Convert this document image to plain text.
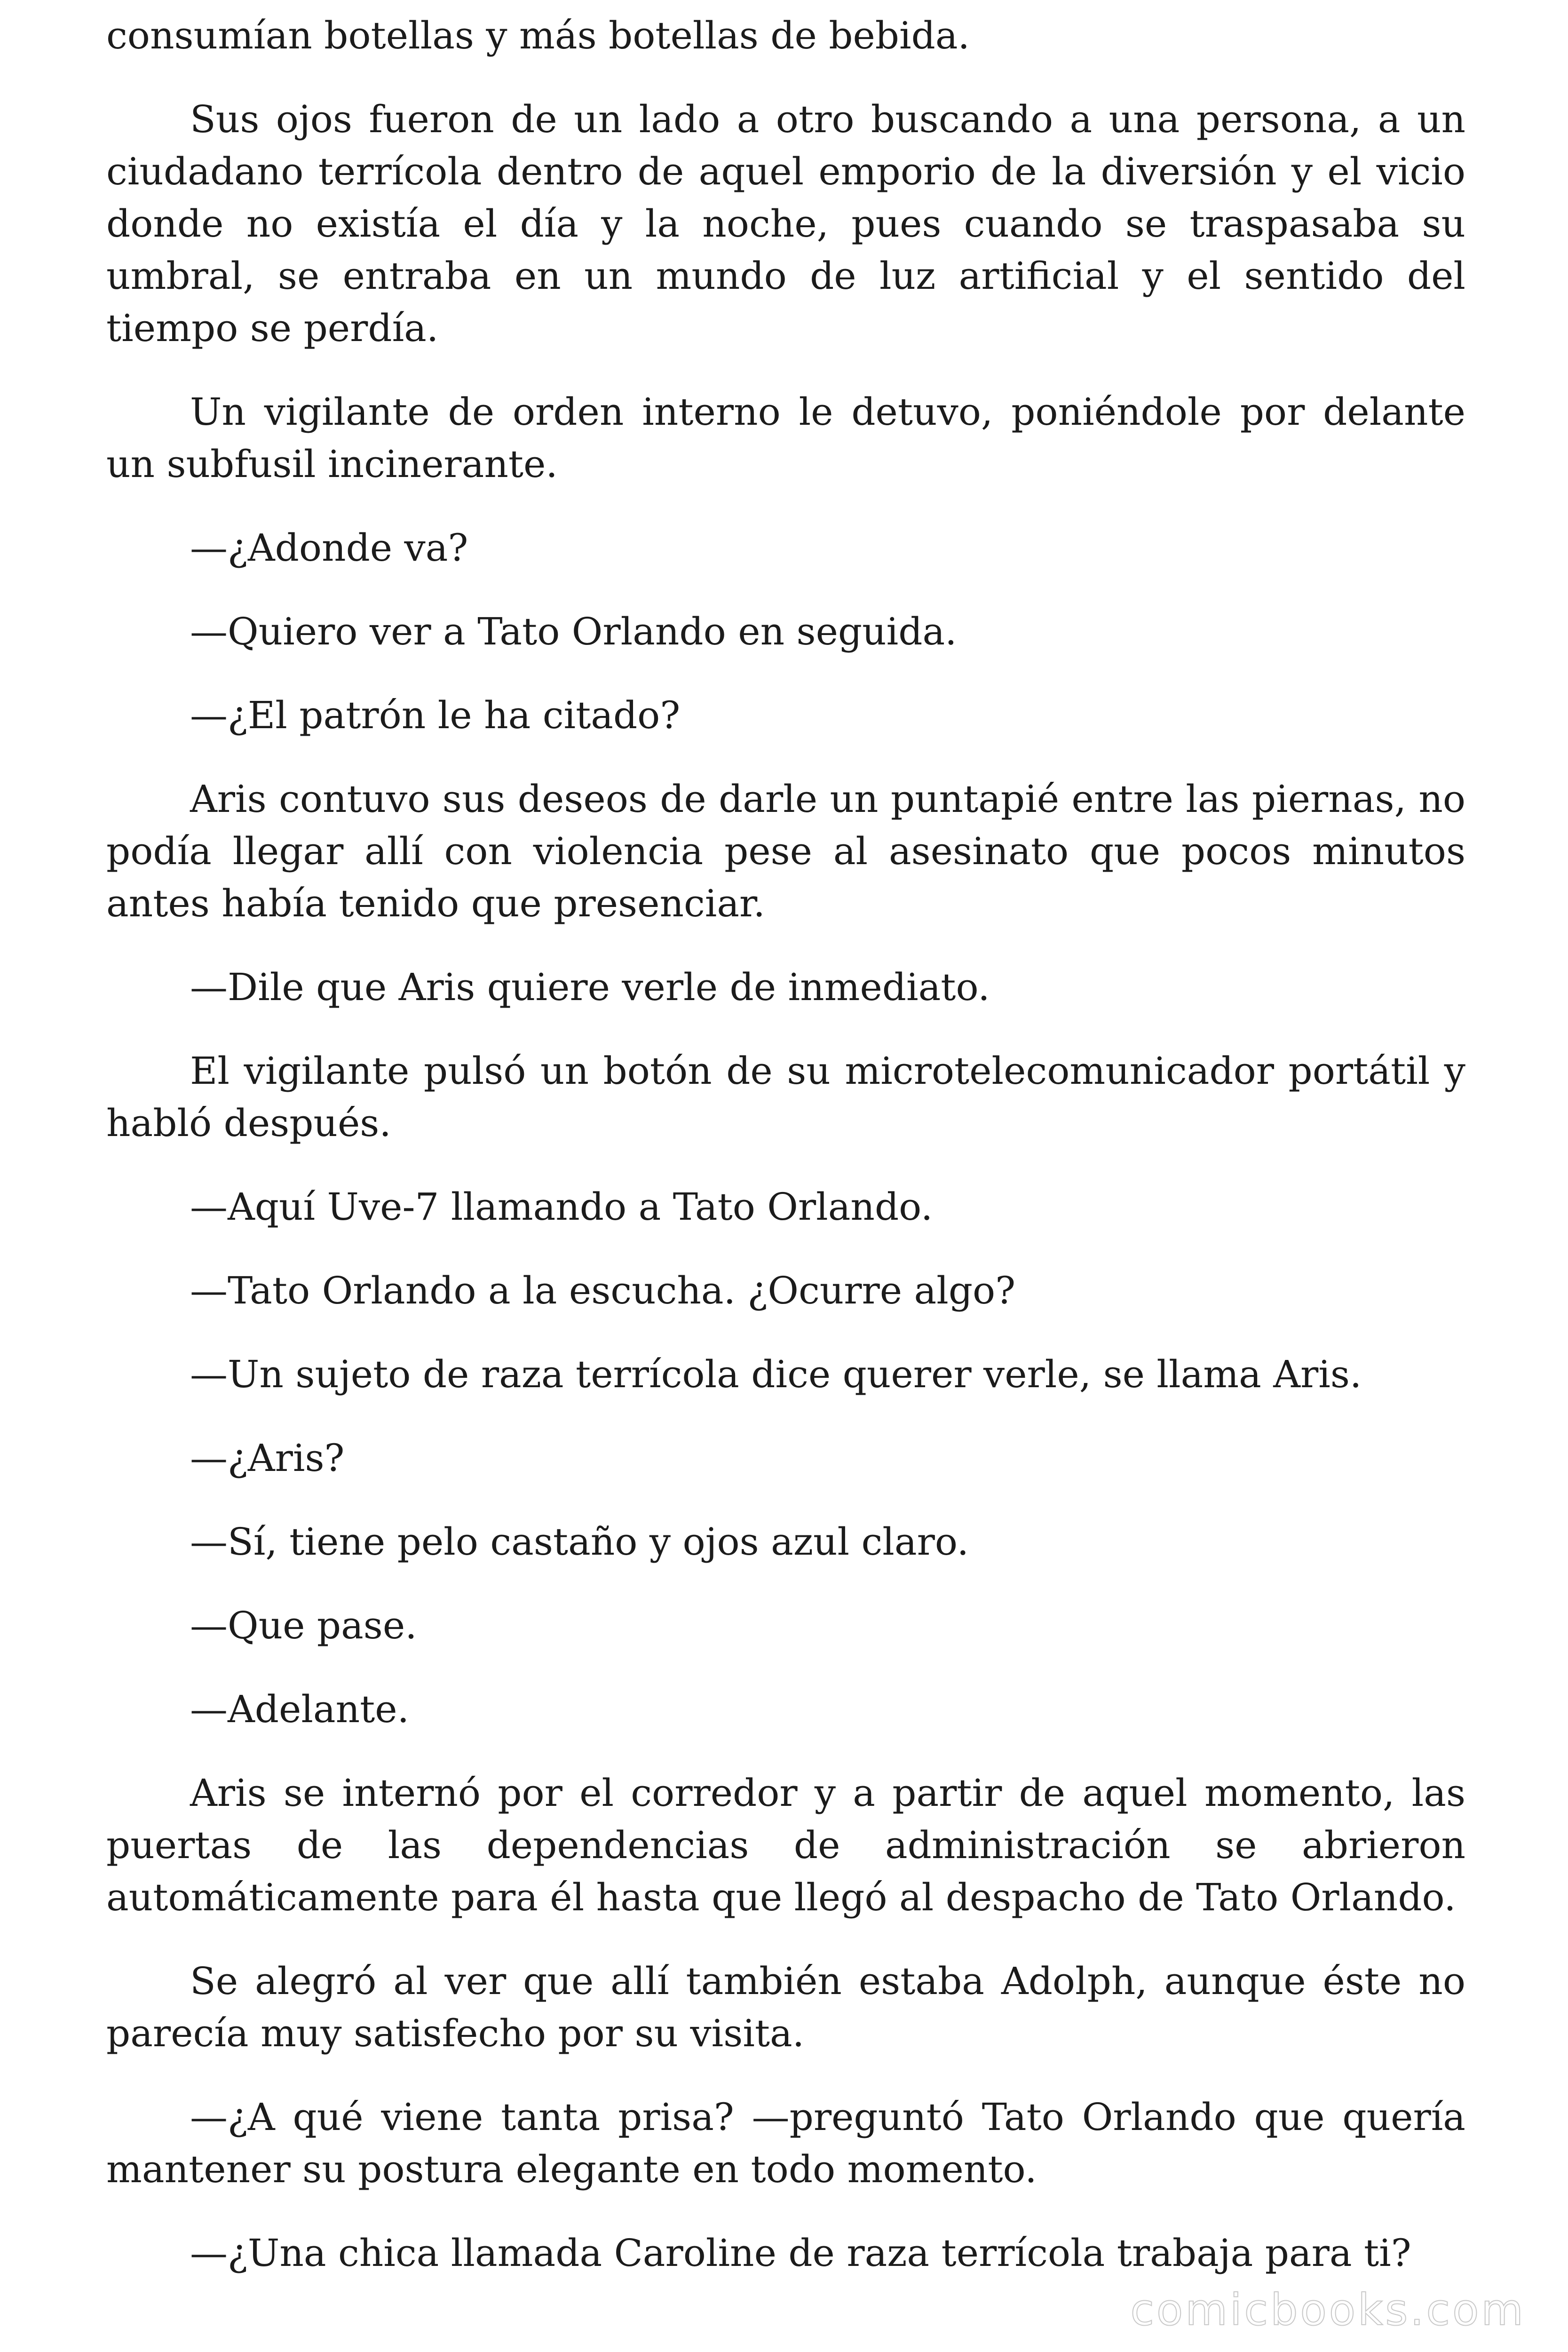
consumían botellas y más botellas de bebida.

Sus ojos fueron de un lado a otro buscando a una persona, a un ciudadano terrícola dentro de aquel emporio de la diversión y el vicio donde no existía el día y la noche, pues cuando se traspasaba su umbral, se entraba en un mundo de luz artificial y el sentido del tiempo se perdía.

Un vigilante de orden interno le detuvo, poniéndole por delante un subfusil incinerante.

—¿Adonde va?

—Quiero ver a Tato Orlando en seguida.

—¿El patrón le ha citado?

Aris contuvo sus deseos de darle un puntapié entre las piernas, no podía llegar allí con violencia pese al asesinato que pocos minutos antes había tenido que presenciar.

—Dile que Aris quiere verle de inmediato.

El vigilante pulsó un botón de su microtelecomunicador portátil y habló después.

—Aquí Uve-7 llamando a Tato Orlando.

—Tato Orlando a la escucha. ¿Ocurre algo?

—Un sujeto de raza terrícola dice querer verle, se llama Aris.

—¿Aris?

—Sí, tiene pelo castaño y ojos azul claro.

—Que pase.

—Adelante.

Aris se internó por el corredor y a partir de aquel momento, las puertas de las dependencias de administración se abrieron automáticamente para él hasta que llegó al despacho de Tato Orlando.

Se alegró al ver que allí también estaba Adolph, aunque éste no parecía muy satisfecho por su visita.

—¿A qué viene tanta prisa? —preguntó Tato Orlando que quería mantener su postura elegante en todo momento.

—¿Una chica llamada Caroline de raza terrícola trabaja para ti?

comicbooks.com
